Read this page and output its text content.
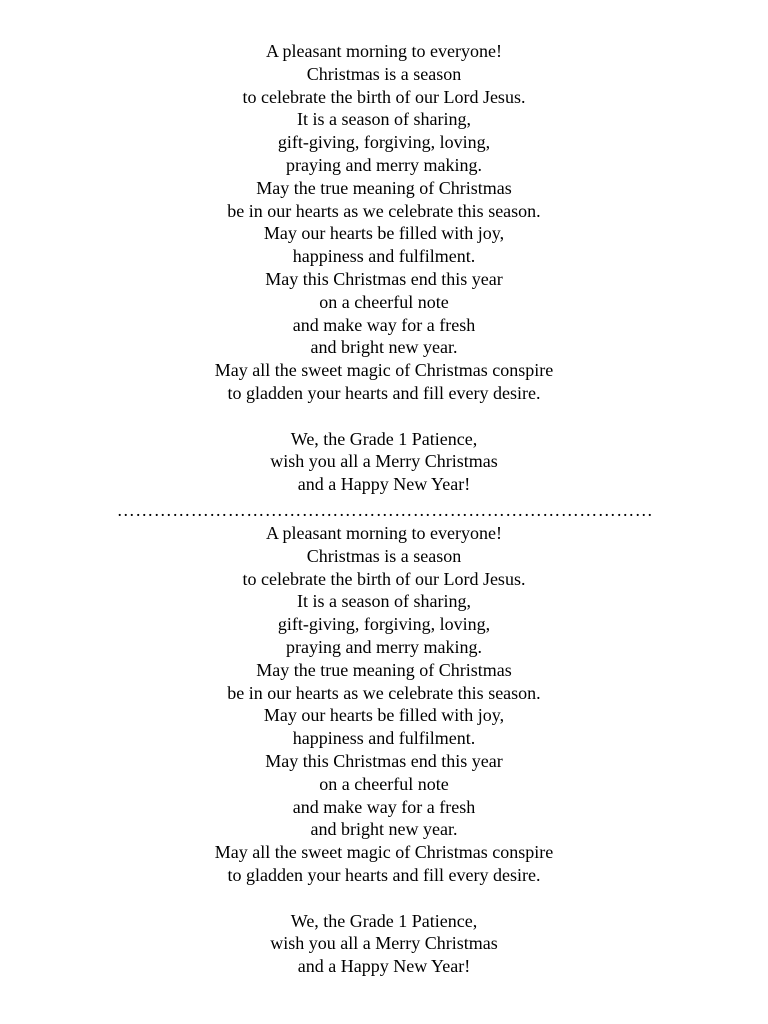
A pleasant morning to everyone!
Christmas is a season
to celebrate the birth of our Lord Jesus.
It is a season of sharing,
gift-giving, forgiving, loving,
praying and merry making.
May the true meaning of Christmas
be in our hearts as we celebrate this season.
May our hearts be filled with joy,
happiness and fulfilment.
May this Christmas end this year
on a cheerful note
and make way for a fresh
and bright new year.
May all the sweet magic of Christmas conspire
to gladden your hearts and fill every desire.
We, the Grade 1 Patience,
wish you all a Merry Christmas
and a Happy New Year!
……………………………………………………………………………
A pleasant morning to everyone!
Christmas is a season
to celebrate the birth of our Lord Jesus.
It is a season of sharing,
gift-giving, forgiving, loving,
praying and merry making.
May the true meaning of Christmas
be in our hearts as we celebrate this season.
May our hearts be filled with joy,
happiness and fulfilment.
May this Christmas end this year
on a cheerful note
and make way for a fresh
and bright new year.
May all the sweet magic of Christmas conspire
to gladden your hearts and fill every desire.
We, the Grade 1 Patience,
wish you all a Merry Christmas
and a Happy New Year!
